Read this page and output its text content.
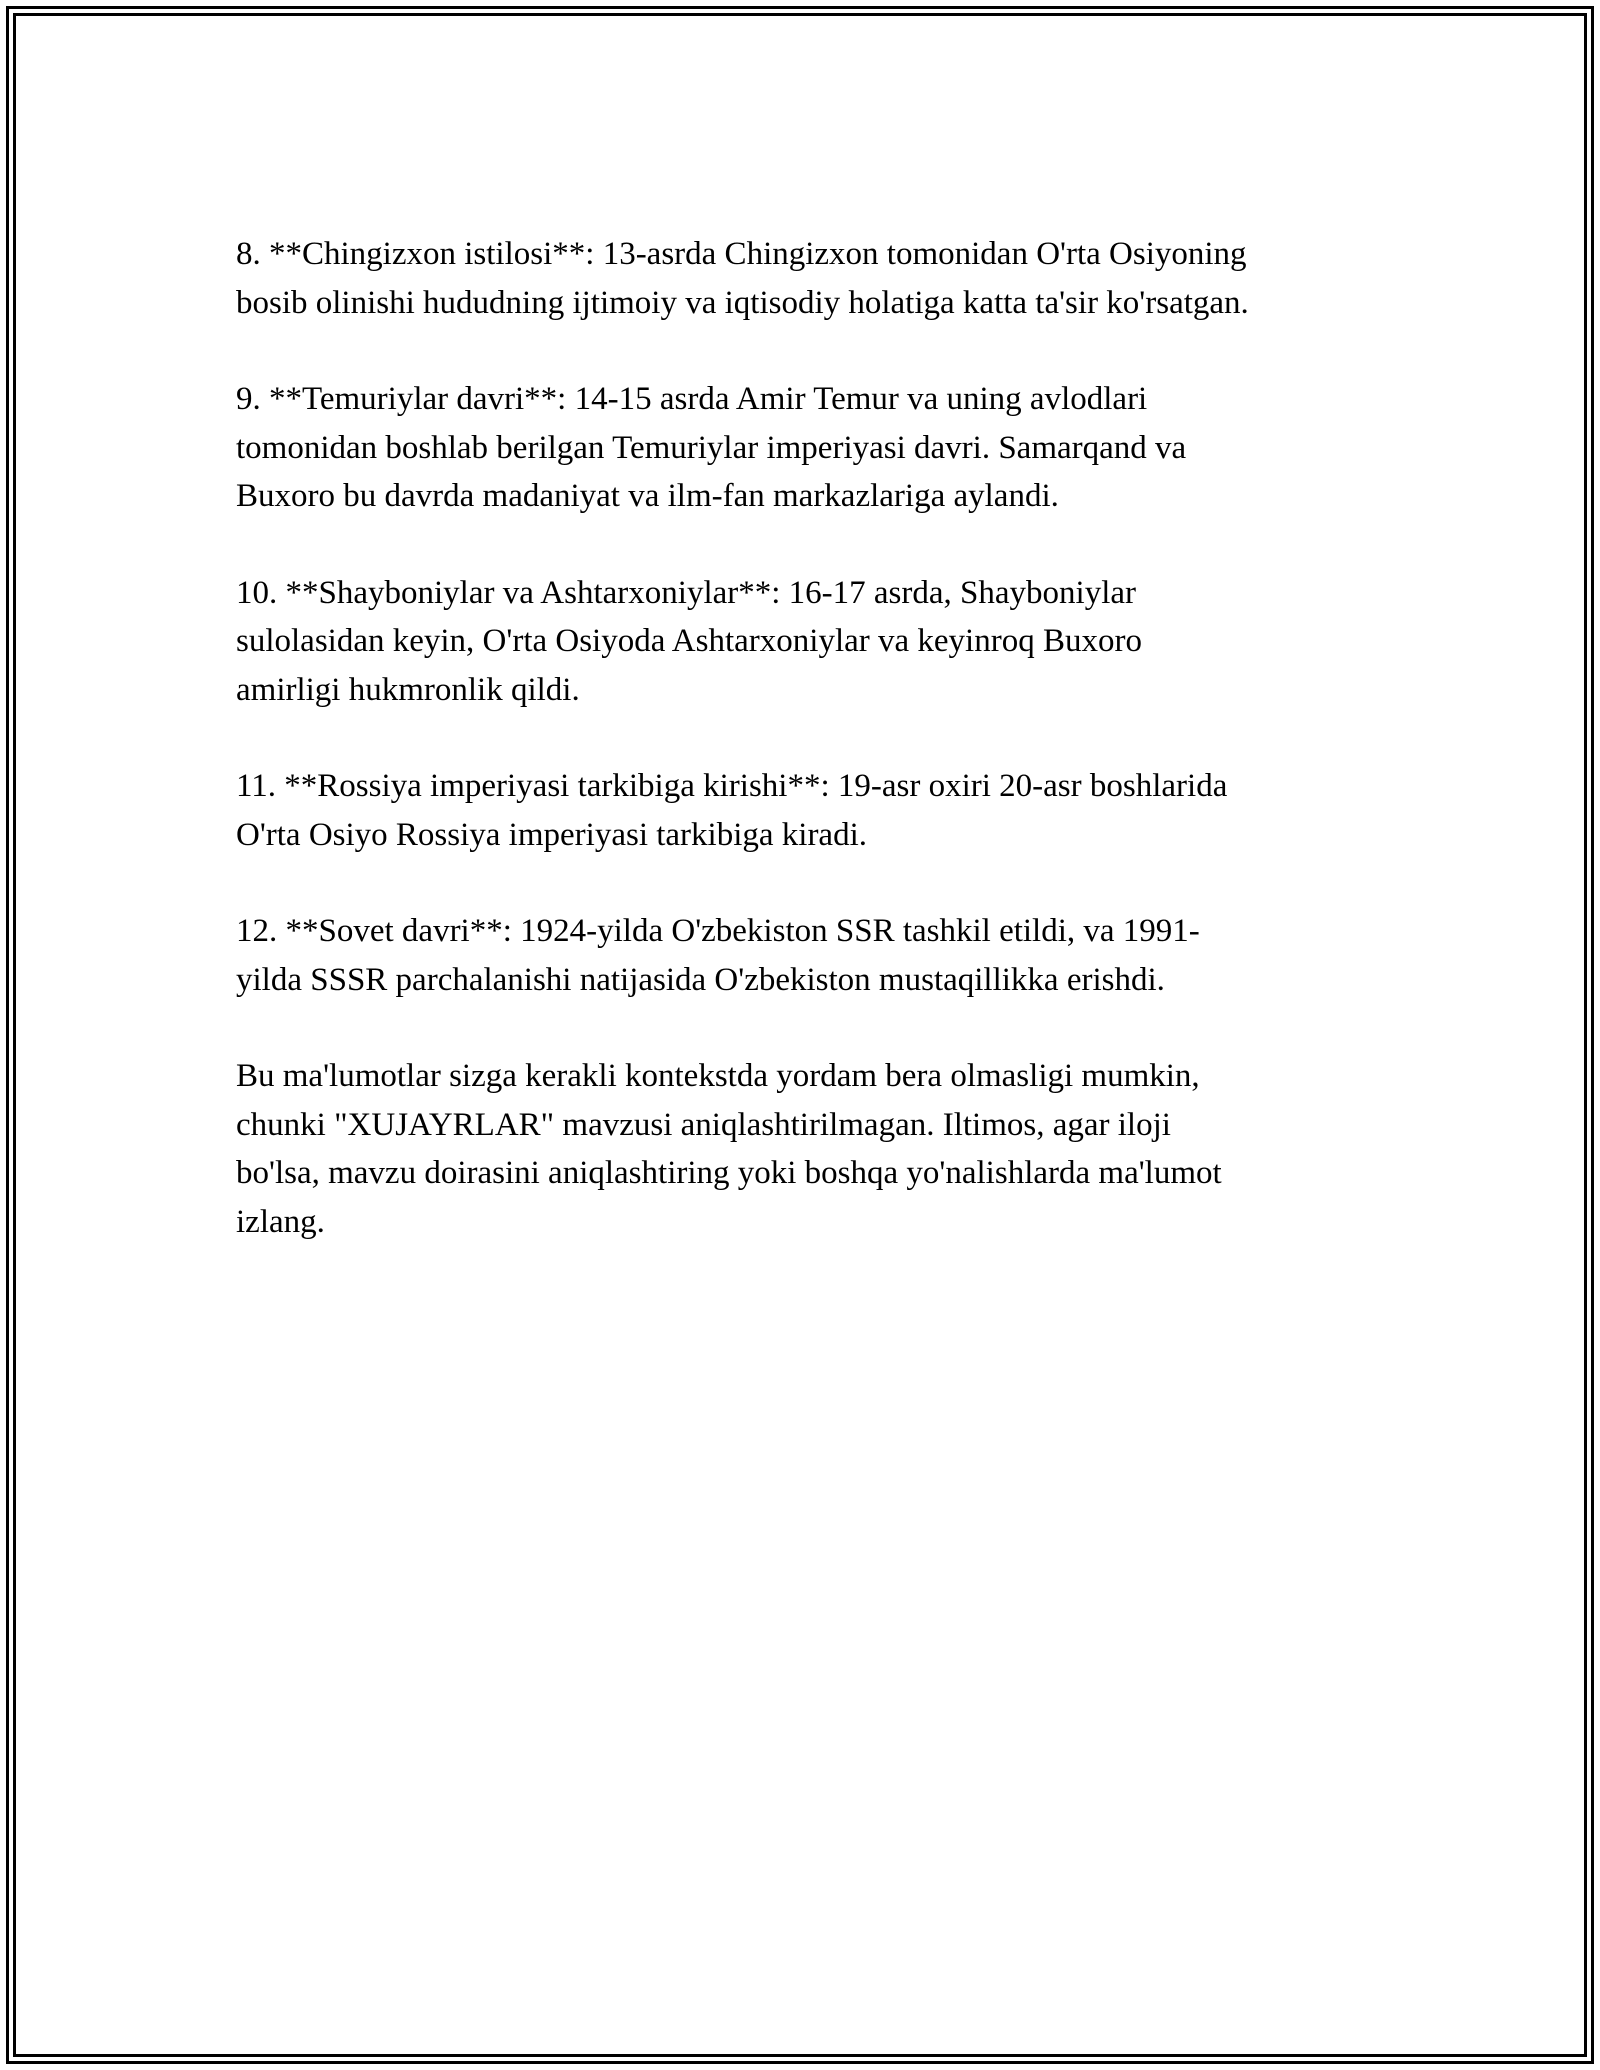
8. **Chingizxon istilosi**: 13-asrda Chingizxon tomonidan O'rta Osiyoning
bosib olinishi hududning ijtimoiy va iqtisodiy holatiga katta ta'sir ko'rsatgan.

9. **Temuriylar davri**: 14-15 asrda Amir Temur va uning avlodlari
tomonidan boshlab berilgan Temuriylar imperiyasi davri. Samarqand va
Buxoro bu davrda madaniyat va ilm-fan markazlariga aylandi.

10. **Shayboniylar va Ashtarxoniylar**: 16-17 asrda, Shayboniylar
sulolasidan keyin, O'rta Osiyoda Ashtarxoniylar va keyinroq Buxoro
amirligi hukmronlik qildi.

11. **Rossiya imperiyasi tarkibiga kirishi**: 19-asr oxiri 20-asr boshlarida
O'rta Osiyo Rossiya imperiyasi tarkibiga kiradi.

12. **Sovet davri**: 1924-yilda O'zbekiston SSR tashkil etildi, va 1991-
yilda SSSR parchalanishi natijasida O'zbekiston mustaqillikka erishdi.

Bu ma'lumotlar sizga kerakli kontekstda yordam bera olmasligi mumkin,
chunki "XUJAYRLAR" mavzusi aniqlashtirilmagan. Iltimos, agar iloji
bo'lsa, mavzu doirasini aniqlashtiring yoki boshqa yo'nalishlarda ma'lumot
izlang.
